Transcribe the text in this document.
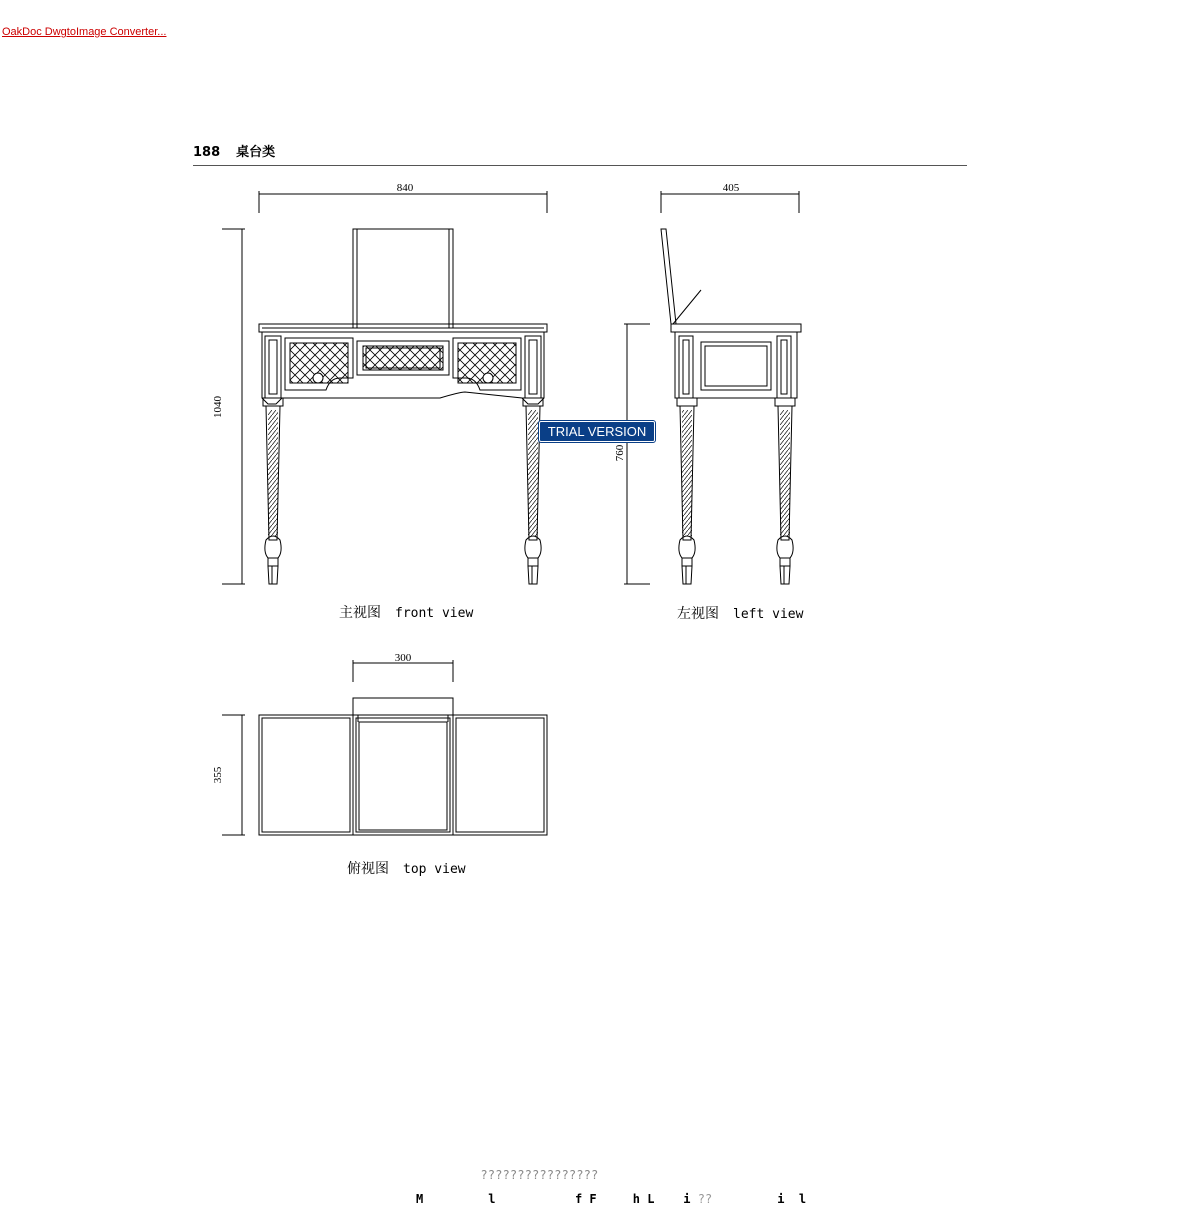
OakDoc DwgtoImage Converter...
188 桌台类
840
1040
405
760
300
355
主视图 front view	左视图 left view
俯视图 top view
TRIAL VERSION
????????????????
M         l           f F     h L    i ??         i  l
